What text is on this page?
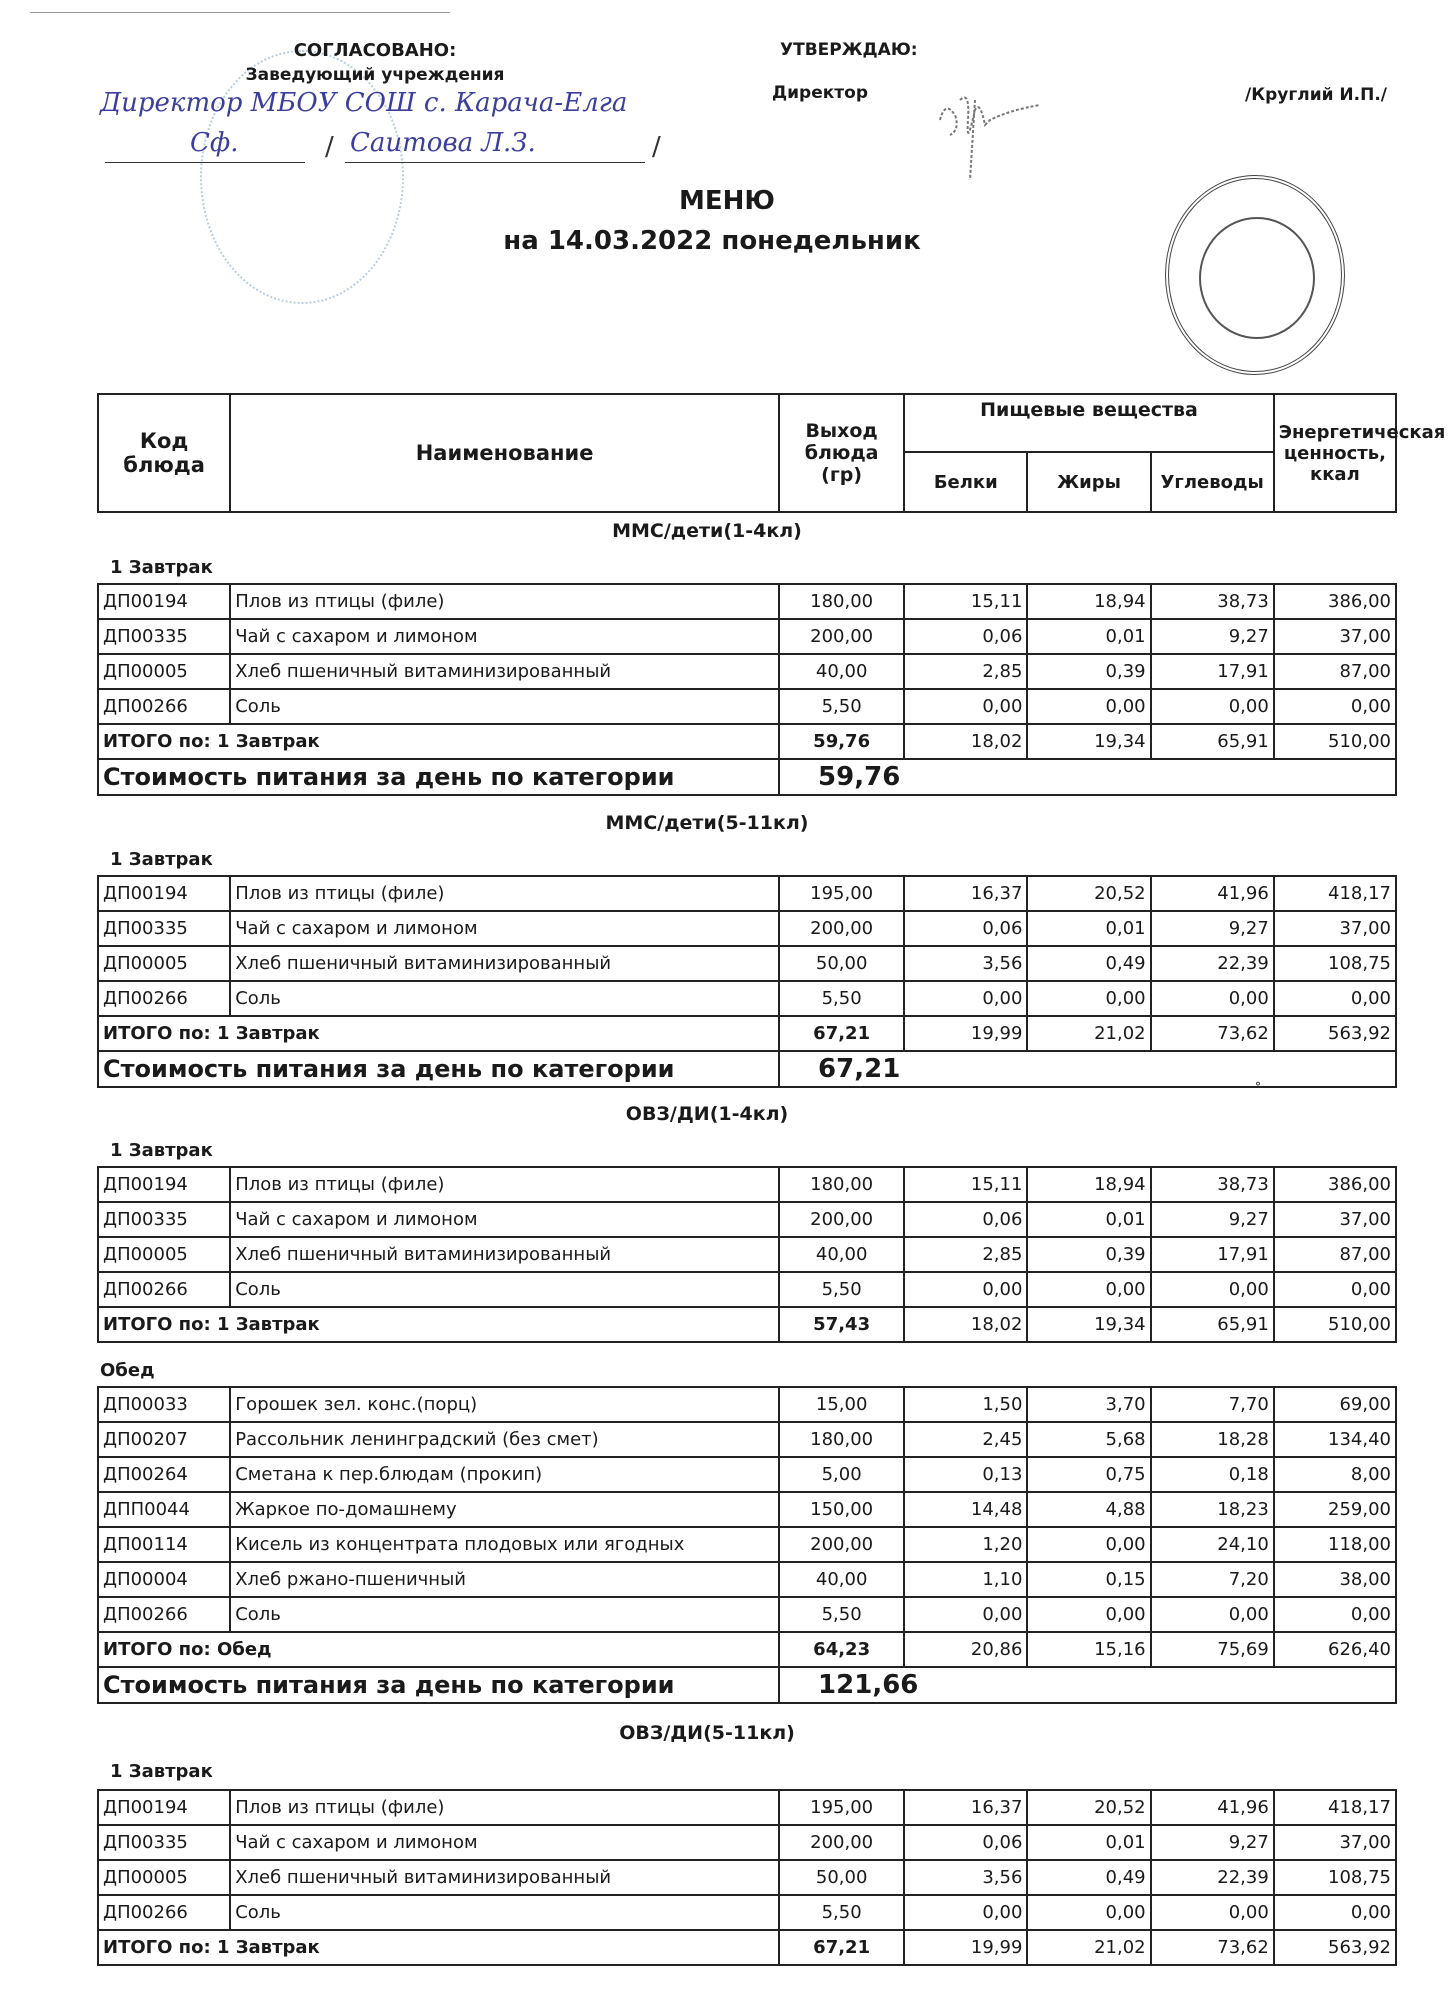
СОГЛАСОВАНО:
Заведующий учреждения
Директор МБОУ СОШ с. Карача-Елга
Сф.	/ Саитова Л.З.	/
УТВЕРЖДАЮ:
Директор	/Круглий И.П./
МЕНЮ
на 14.03.2022 понедельник
Код блюда	Наименование	Выход блюда (гр)	Пищевые вещества			Энергетическая ценность, ккал
			Белки	Жиры	Углеводы	
ММС/дети(1-4кл)
1 Завтрак
ДП00194	Плов из птицы (филе)	180,00	15,11	18,94	38,73	386,00
ДП00335	Чай с сахаром и лимоном	200,00	0,06	0,01	9,27	37,00
ДП00005	Хлеб пшеничный витаминизированный	40,00	2,85	0,39	17,91	87,00
ДП00266	Соль	5,50	0,00	0,00	0,00	0,00
ИТОГО по: 1 Завтрак		59,76	18,02	19,34	65,91	510,00
Стоимость питания за день по категории		59,76				
ММС/дети(5-11кл)
1 Завтрак
ДП00194	Плов из птицы (филе)	195,00	16,37	20,52	41,96	418,17
ДП00335	Чай с сахаром и лимоном	200,00	0,06	0,01	9,27	37,00
ДП00005	Хлеб пшеничный витаминизированный	50,00	3,56	0,49	22,39	108,75
ДП00266	Соль	5,50	0,00	0,00	0,00	0,00
ИТОГО по: 1 Завтрак		67,21	19,99	21,02	73,62	563,92
Стоимость питания за день по категории		67,21				
°
ОВЗ/ДИ(1-4кл)
1 Завтрак
ДП00194	Плов из птицы (филе)	180,00	15,11	18,94	38,73	386,00
ДП00335	Чай с сахаром и лимоном	200,00	0,06	0,01	9,27	37,00
ДП00005	Хлеб пшеничный витаминизированный	40,00	2,85	0,39	17,91	87,00
ДП00266	Соль	5,50	0,00	0,00	0,00	0,00
ИТОГО по: 1 Завтрак		57,43	18,02	19,34	65,91	510,00
Обед
ДП00033	Горошек зел. конс.(порц)	15,00	1,50	3,70	7,70	69,00
ДП00207	Рассольник ленинградский (без смет)	180,00	2,45	5,68	18,28	134,40
ДП00264	Сметана к пер.блюдам (прокип)	5,00	0,13	0,75	0,18	8,00
ДПП0044	Жаркое по-домашнему	150,00	14,48	4,88	18,23	259,00
ДП00114	Кисель из концентрата плодовых или ягодных	200,00	1,20	0,00	24,10	118,00
ДП00004	Хлеб ржано-пшеничный	40,00	1,10	0,15	7,20	38,00
ДП00266	Соль	5,50	0,00	0,00	0,00	0,00
ИТОГО по: Обед		64,23	20,86	15,16	75,69	626,40
Стоимость питания за день по категории		121,66				
ОВЗ/ДИ(5-11кл)
1 Завтрак
ДП00194	Плов из птицы (филе)	195,00	16,37	20,52	41,96	418,17
ДП00335	Чай с сахаром и лимоном	200,00	0,06	0,01	9,27	37,00
ДП00005	Хлеб пшеничный витаминизированный	50,00	3,56	0,49	22,39	108,75
ДП00266	Соль	5,50	0,00	0,00	0,00	0,00
ИТОГО по: 1 Завтрак		67,21	19,99	21,02	73,62	563,92
